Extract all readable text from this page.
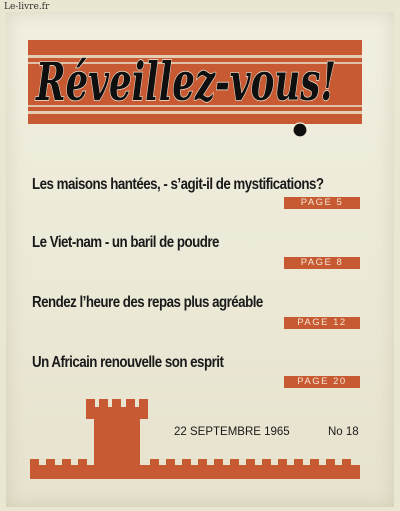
Le-livre.fr
Réveillez-vous!
Les maisons hantées, - s’agit-il de mystifications?
PAGE 5
Le Viet-nam - un baril de poudre
PAGE 8
Rendez l’heure des repas plus agréable
PAGE 12
Un Africain renouvelle son esprit
PAGE 20
22 SEPTEMBRE 1965	No 18
